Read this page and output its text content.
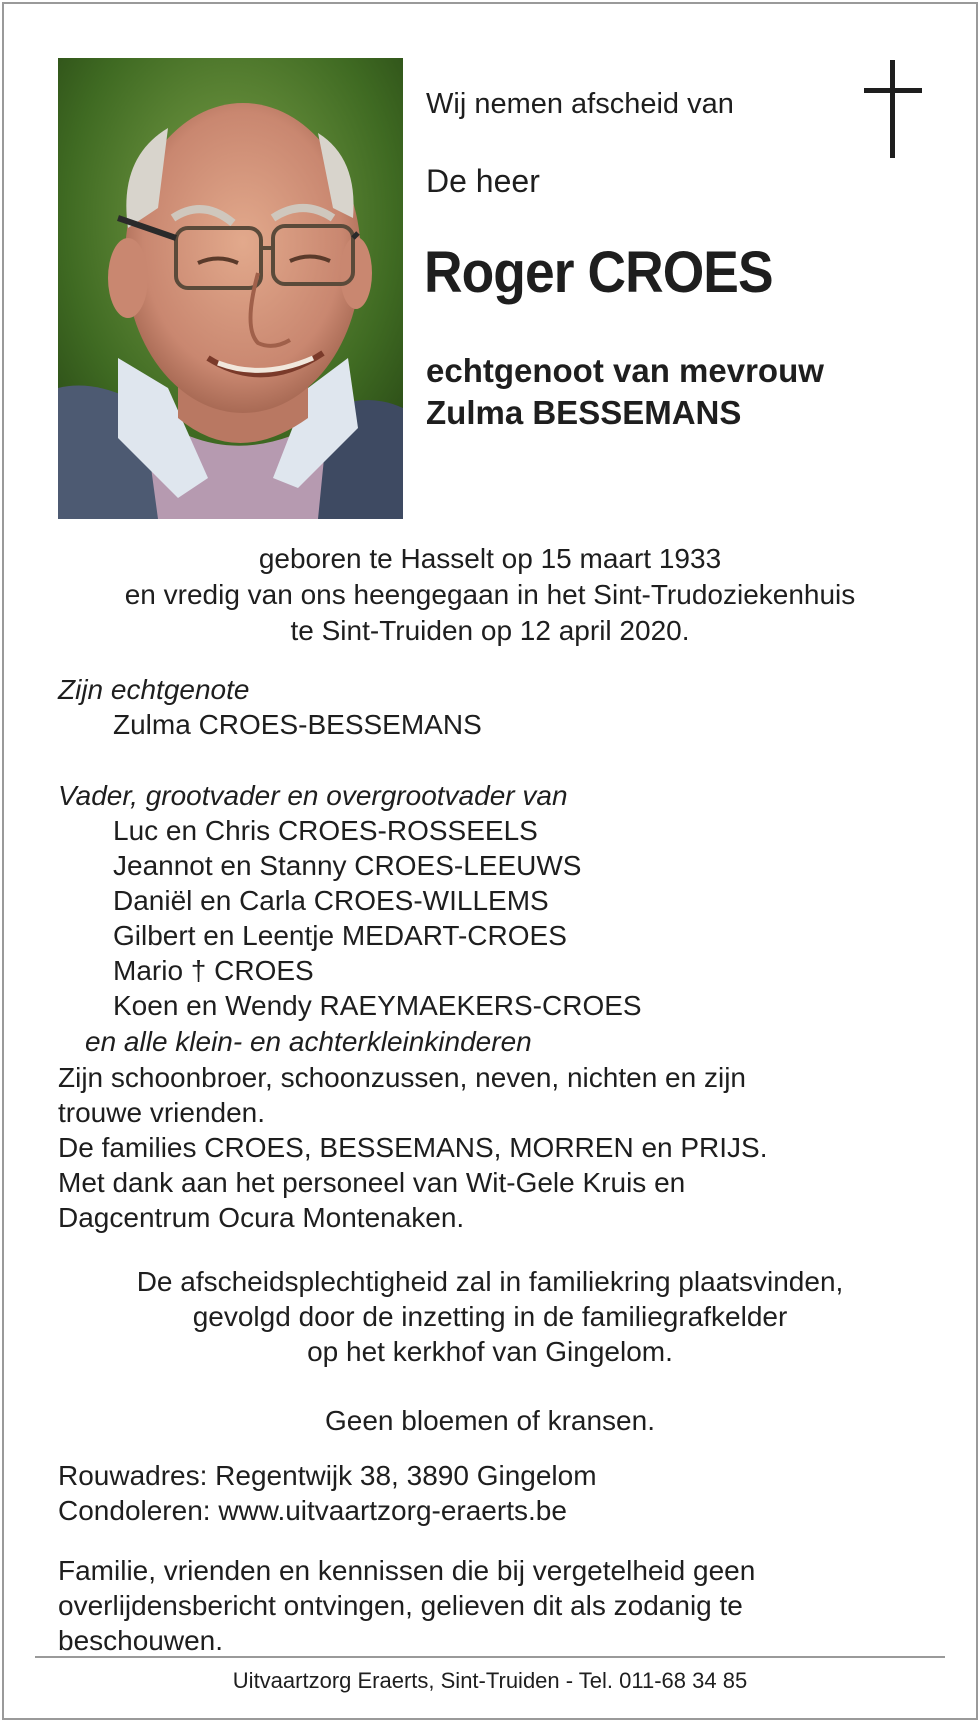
Wij nemen afscheid van
De heer
Roger CROES
echtgenoot van mevrouw
Zulma BESSEMANS
geboren te Hasselt op 15 maart 1933
en vredig van ons heengegaan in het Sint-Trudoziekenhuis
te Sint-Truiden op 12 april 2020.
Zijn echtgenote
Zulma CROES-BESSEMANS
Vader, grootvader en overgrootvader van
Luc en Chris CROES-ROSSEELS
Jeannot en Stanny CROES-LEEUWS
Daniël en Carla CROES-WILLEMS
Gilbert en Leentje MEDART-CROES
Mario † CROES
Koen en Wendy RAEYMAEKERS-CROES
en alle klein- en achterkleinkinderen
Zijn schoonbroer, schoonzussen, neven, nichten en zijn
trouwe vrienden.
De families CROES, BESSEMANS, MORREN en PRIJS.
Met dank aan het personeel van Wit-Gele Kruis en
Dagcentrum Ocura Montenaken.
De afscheidsplechtigheid zal in familiekring plaatsvinden,
gevolgd door de inzetting in de familiegrafkelder
op het kerkhof van Gingelom.
Geen bloemen of kransen.
Rouwadres: Regentwijk 38, 3890 Gingelom
Condoleren: www.uitvaartzorg-eraerts.be
Familie, vrienden en kennissen die bij vergetelheid geen
overlijdensbericht ontvingen, gelieven dit als zodanig te
beschouwen.
Uitvaartzorg Eraerts, Sint-Truiden - Tel. 011-68 34 85
